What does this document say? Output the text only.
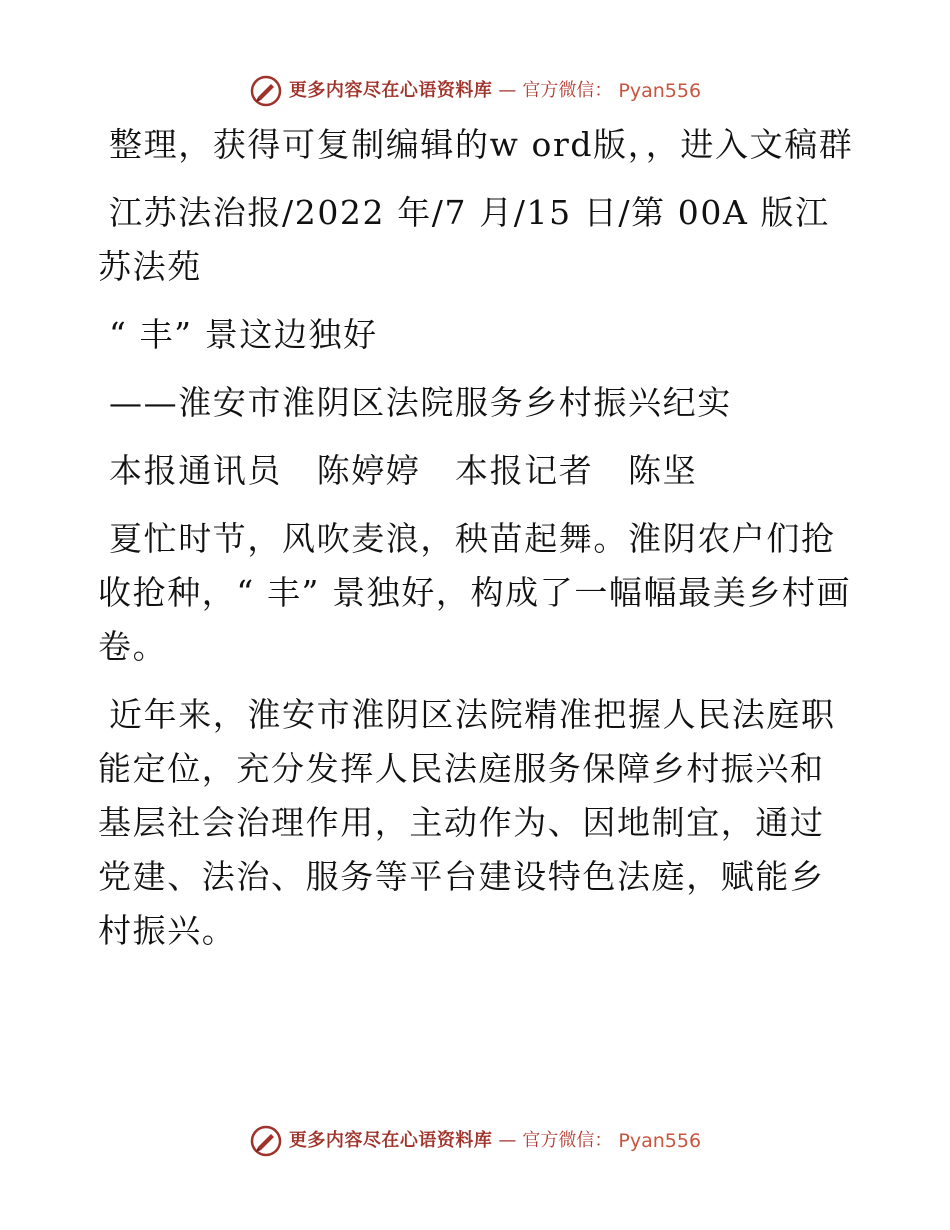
更多内容尽在心语资料库 — 官方微信： Pyan556

整理，获得可复制编辑的w ord版，，进入文稿群

江苏法治报/2022 年/7 月/15 日/第 00A 版江苏法苑

“ 丰” 景这边独好

——淮安市淮阴区法院服务乡村振兴纪实

本报通讯员　陈婷婷　本报记者　陈坚

夏忙时节，风吹麦浪，秧苗起舞。淮阴农户们抢收抢种，“ 丰” 景独好，构成了一幅幅最美乡村画卷。

近年来，淮安市淮阴区法院精准把握人民法庭职能定位，充分发挥人民法庭服务保障乡村振兴和基层社会治理作用，主动作为、因地制宜，通过党建、法治、服务等平台建设特色法庭，赋能乡村振兴。

更多内容尽在心语资料库 — 官方微信： Pyan556
